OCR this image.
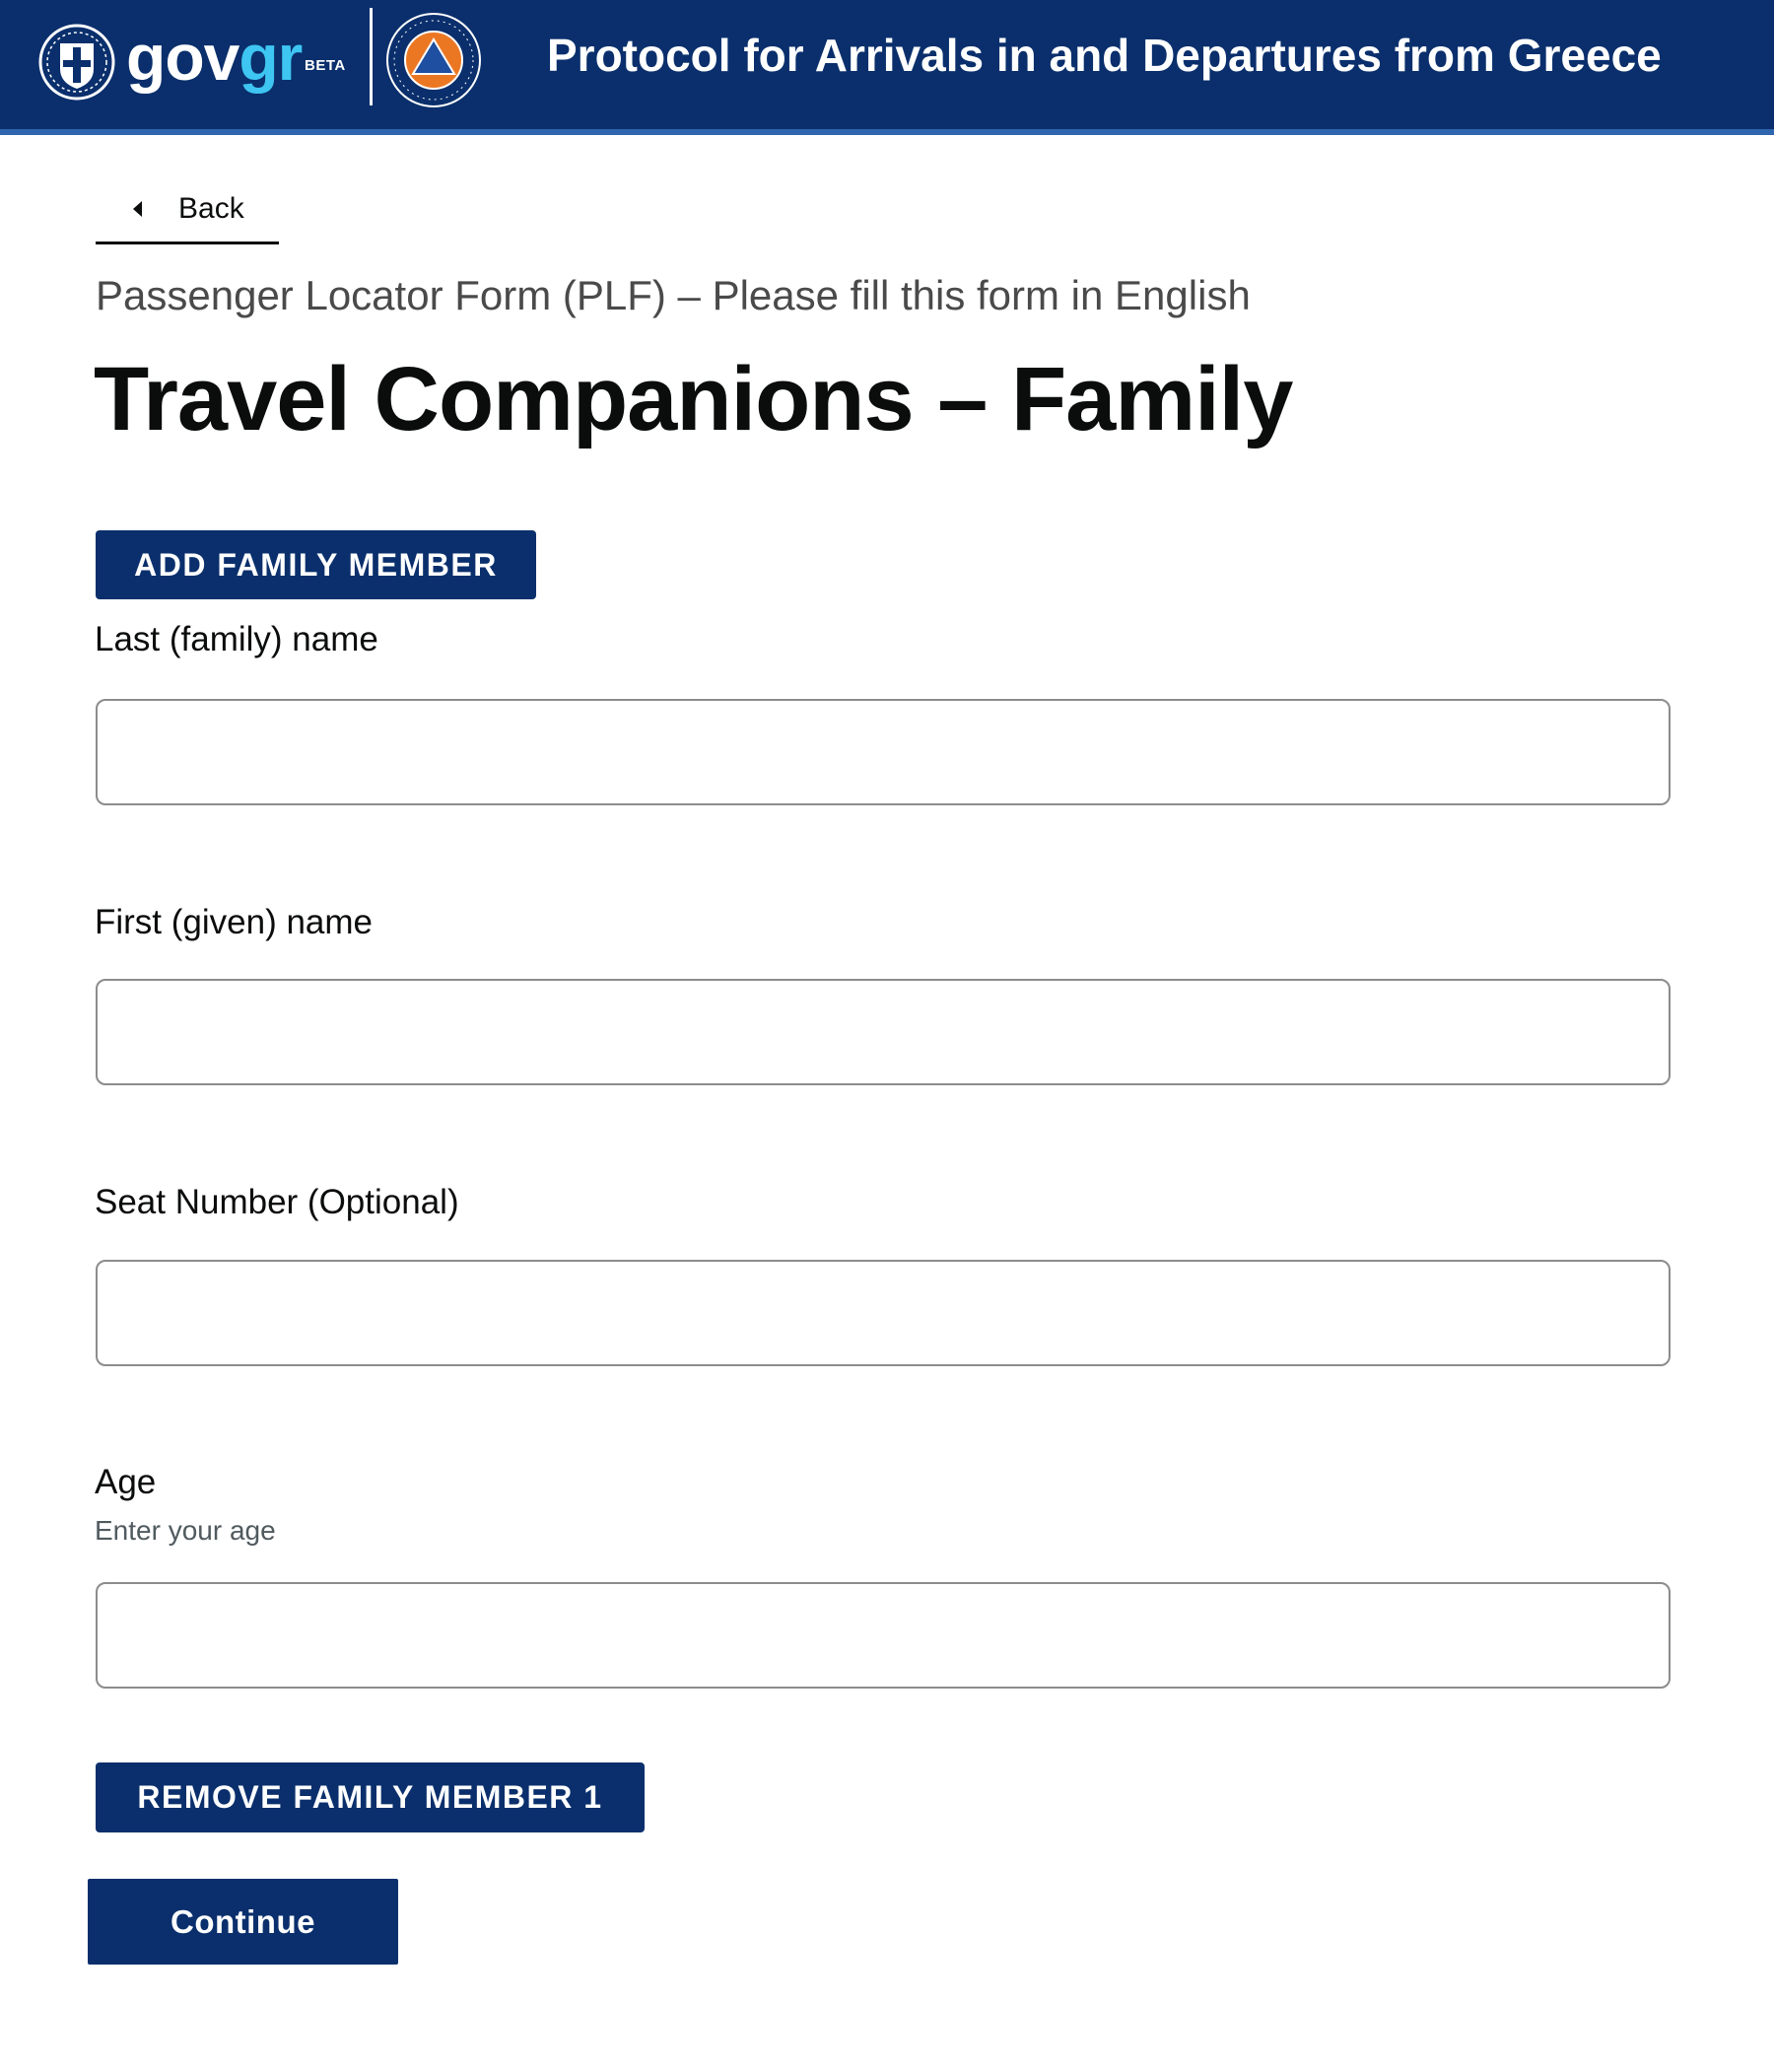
govgr BETA	Protocol for Arrivals in and Departures from Greece
Back
Passenger Locator Form (PLF) – Please fill this form in English
Travel Companions – Family
ADD FAMILY MEMBER
Last (family) name
First (given) name
Seat Number (Optional)
Age
Enter your age
REMOVE FAMILY MEMBER 1
Continue
